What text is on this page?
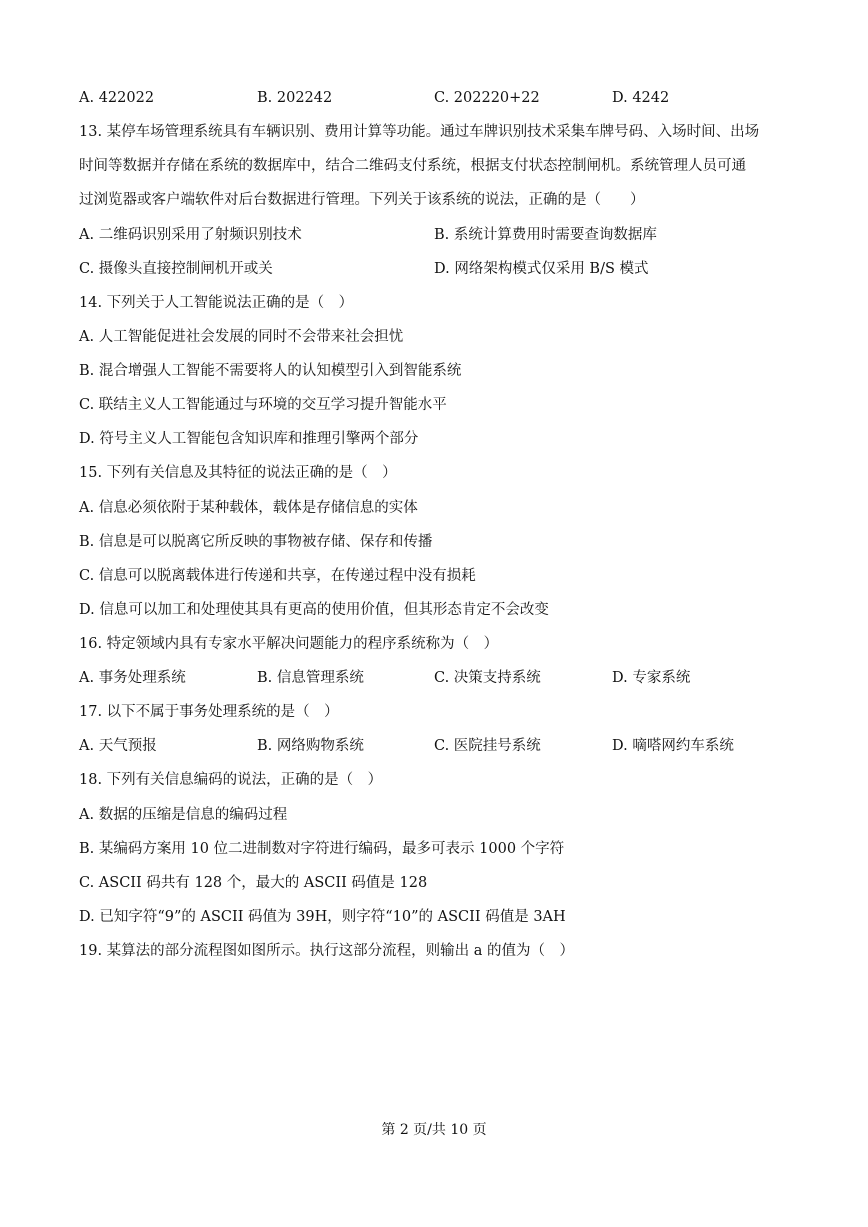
A. 422022	B. 202242	C. 202220+22	D. 4242
13. 某停车场管理系统具有车辆识别、费用计算等功能。通过车牌识别技术采集车牌号码、入场时间、出场
时间等数据并存储在系统的数据库中，结合二维码支付系统，根据支付状态控制闸机。系统管理人员可通
过浏览器或客户端软件对后台数据进行管理。下列关于该系统的说法，正确的是（　　）
A. 二维码识别采用了射频识别技术	B. 系统计算费用时需要查询数据库
C. 摄像头直接控制闸机开或关	D. 网络架构模式仅采用 B/S 模式
14. 下列关于人工智能说法正确的是（　）
A. 人工智能促进社会发展的同时不会带来社会担忧
B. 混合增强人工智能不需要将人的认知模型引入到智能系统
C. 联结主义人工智能通过与环境的交互学习提升智能水平
D. 符号主义人工智能包含知识库和推理引擎两个部分
15. 下列有关信息及其特征的说法正确的是（　）
A. 信息必须依附于某种载体，载体是存储信息的实体
B. 信息是可以脱离它所反映的事物被存储、保存和传播
C. 信息可以脱离载体进行传递和共享，在传递过程中没有损耗
D. 信息可以加工和处理使其具有更高的使用价值，但其形态肯定不会改变
16. 特定领域内具有专家水平解决问题能力的程序系统称为（　）
A. 事务处理系统	B. 信息管理系统	C. 决策支持系统	D. 专家系统
17. 以下不属于事务处理系统的是（　）
A. 天气预报	B. 网络购物系统	C. 医院挂号系统	D. 嘀嗒网约车系统
18. 下列有关信息编码的说法，正确的是（　）
A. 数据的压缩是信息的编码过程
B. 某编码方案用 10 位二进制数对字符进行编码，最多可表示 1000 个字符
C. ASCII 码共有 128 个，最大的 ASCII 码值是 128
D. 已知字符“9”的 ASCII 码值为 39H，则字符“10”的 ASCII 码值是 3AH
19. 某算法的部分流程图如图所示。执行这部分流程，则输出 a 的值为（　）
第 2 页/共 10 页
